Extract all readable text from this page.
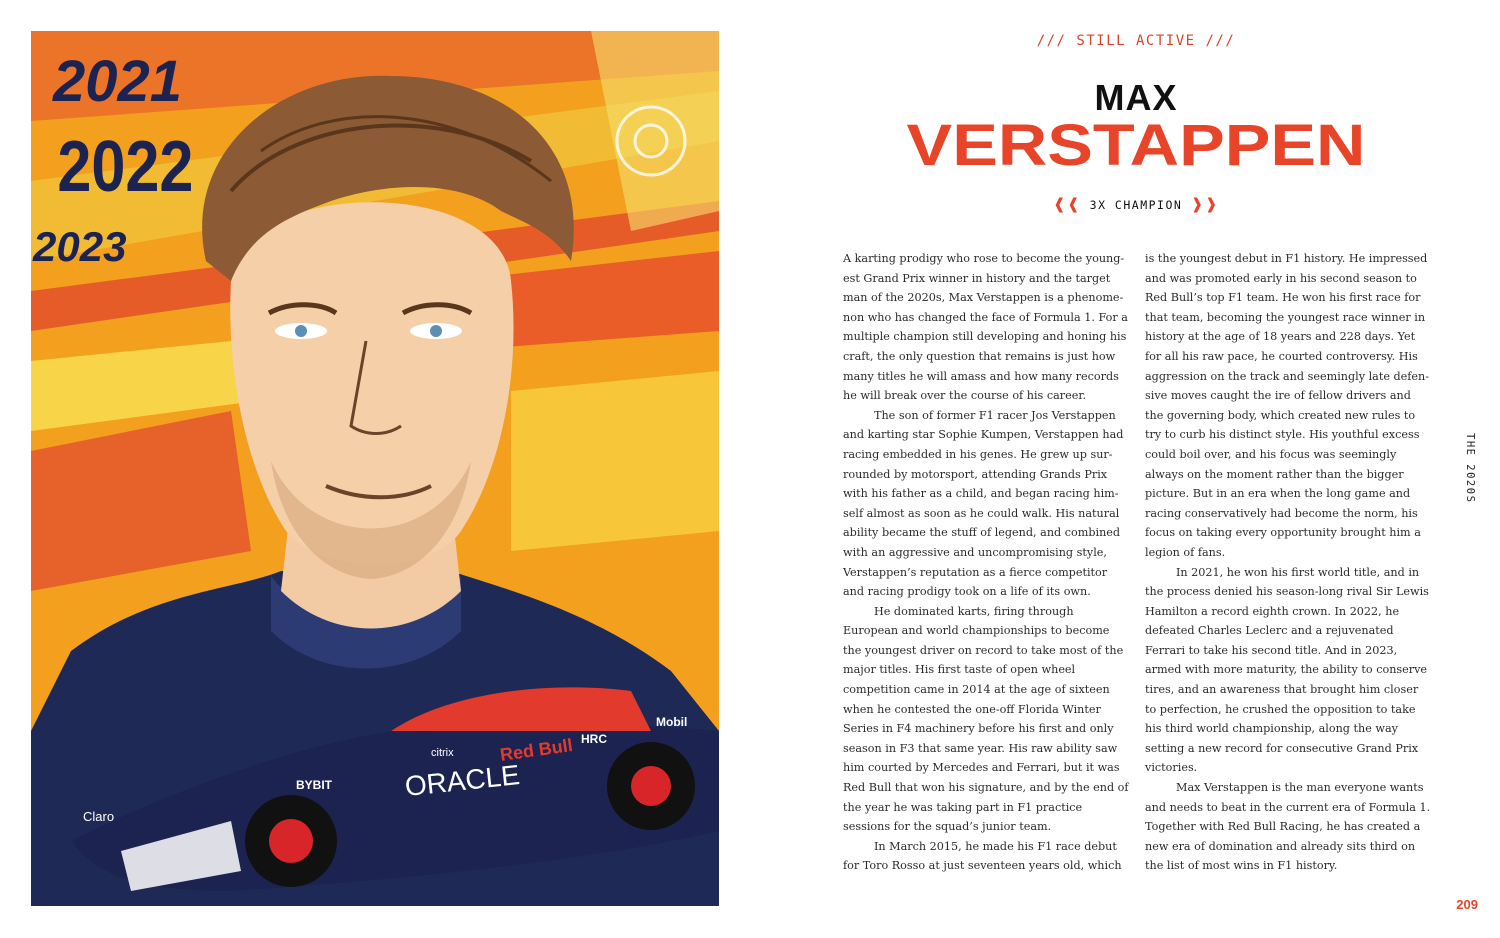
2021
2022
2023
ORACLE
Red Bull
BYBIT
Claro
Mobil
HRC
citrix
/// STILL ACTIVE ///
MAX
VERSTAPPEN
❰❰ 3X CHAMPION ❱❱

A karting prodigy who rose to become the youngest Grand Prix winner in history and the target man of the 2020s, Max Verstappen is a phenomenon who has changed the face of Formula 1. For a multiple champion still developing and honing his craft, the only question that remains is just how many titles he will amass and how many records he will break over the course of his career.

The son of former F1 racer Jos Verstappen and karting star Sophie Kumpen, Verstappen had racing embedded in his genes. He grew up surrounded by motorsport, attending Grands Prix with his father as a child, and began racing himself almost as soon as he could walk. His natural ability became the stuff of legend, and combined with an aggressive and uncompromising style, Verstappen’s reputation as a fierce competitor and racing prodigy took on a life of its own.

He dominated karts, firing through European and world championships to become the youngest driver on record to take most of the major titles. His first taste of open wheel competition came in 2014 at the age of sixteen when he contested the one-off Florida Winter Series in F4 machinery before his first and only season in F3 that same year. His raw ability saw him courted by Mercedes and Ferrari, but it was Red Bull that won his signature, and by the end of the year he was taking part in F1 practice sessions for the squad’s junior team.

In March 2015, he made his F1 race debut for Toro Rosso at just seventeen years old, which

is the youngest debut in F1 history. He impressed and was promoted early in his second season to Red Bull’s top F1 team. He won his first race for that team, becoming the youngest race winner in history at the age of 18 years and 228 days. Yet for all his raw pace, he courted controversy. His aggression on the track and seemingly late defensive moves caught the ire of fellow drivers and the governing body, which created new rules to try to curb his distinct style. His youthful excess could boil over, and his focus was seemingly always on the moment rather than the bigger picture. But in an era when the long game and racing conservatively had become the norm, his focus on taking every opportunity brought him a legion of fans.

In 2021, he won his first world title, and in the process denied his season-long rival Sir Lewis Hamilton a record eighth crown. In 2022, he defeated Charles Leclerc and a rejuvenated Ferrari to take his second title. And in 2023, armed with more maturity, the ability to conserve tires, and an awareness that brought him closer to perfection, he crushed the opposition to take his third world championship, along the way setting a new record for consecutive Grand Prix victories.

Max Verstappen is the man everyone wants and needs to beat in the current era of Formula 1. Together with Red Bull Racing, he has created a new era of domination and already sits third on the list of most wins in F1 history.

THE 2020S
209
